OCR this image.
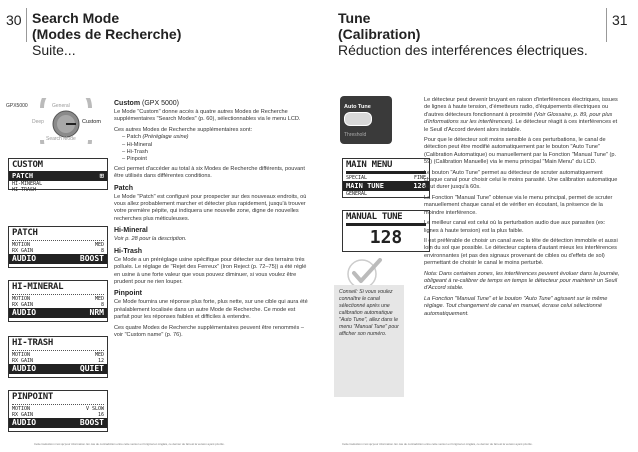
30 Search Mode
(Modes de Recherche)
Suite...
GPX5000	General
Deep	Custom
Search Mode
CUSTOM
PATCH	⊞
HI-MINERAL
HI-TRASH
PATCH
MOTION	MED
RX GAIN	8
AUDIO	BOOST
HI-MINERAL
MOTION	MED
RX GAIN	8
AUDIO	NRM
HI-TRASH
MOTION	MED
RX GAIN	12
AUDIO	QUIET
PINPOINT
MOTION	V SLOW
RX GAIN	16
AUDIO	BOOST
Custom (GPX 5000)

Le Mode "Custom" donne accès à quatre autres Modes de Recherche supplémentaires "Search Modes" (p. 60), sélectionnables via le menu LCD.

Ces autres Modes de Recherche supplémentaires sont:

– Patch (Préréglage usine)
– Hi-Mineral
– Hi-Trash
– Pinpoint

Ceci permet d'accéder au total à six Modes de Recherche différents, pouvant être utilisés dans différentes conditions.

Patch

Le Mode "Patch" est configuré pour prospecter sur des nouveaux endroits, où vous allez probablement marcher et détecter plus rapidement, jusqu'à trouver votre première pépite, qui indiquera une nouvelle zone, digne de nouvelles recherches plus méticuleuses.

Hi-Mineral

Voir p. 28 pour la description.

Hi-Trash

Ce Mode a un préréglage usine spécifique pour détecter sur des terrains très pollués. Le réglage de "Rejet des Ferreux" (Iron Reject (p. 72–75)) a été réglé en usine à une forte valeur que vous pouvez diminuer, si vous voulez être prudent pour ne rien louper.

Pinpoint

Ce Mode fournira une réponse plus forte, plus nette, sur une cible qui aura été préalablement localisée dans un autre Mode de Recherche. Ce mode est parfait pour les réponses faibles et difficiles à entendre.

Ces quatre Modes de Recherche supplémentaires peuvent être renommés – voir "Custom name" (p. 76).

Cette traduction n'est qu'pour information. En cas de contradiction entre cette version et l'original en Anglais, ce dernier de fait est la version ayant priorité.
Tune
(Calibration)
Réduction des interférences électriques.
31
Auto Tune
Threshold
MAIN MENU
SPECIAL	FINE
MAIN TUNE	128
GENERAL
MANUAL TUNE
128
Conseil: Si vous voulez connaître le canal sélectionné après une calibration automatique "Auto Tune", allez dans le menu "Manual Tune" pour afficher son numéro.

Le détecteur peut devenir bruyant en raison d'interférences électriques, issues de lignes à haute tension, d'émetteurs radio, d'équipements électriques ou d'autres détecteurs fonctionnant à proximité (Voir Glossaire, p. 89, pour plus d'informations sur les interférences). Le détecteur réagit à ces interférences et le Seuil d'Accord devient alors instable.

Pour que le détecteur soit moins sensible à ces perturbations, le canal de détection peut être modifié automatiquement par le bouton "Auto Tune" (Calibration Automatique) ou manuellement par la Fonction "Manual Tune" (p. 59) (Calibration Manuelle) via le menu principal "Main Menu" du LCD.

Le bouton "Auto Tune" permet au détecteur de scruter automatiquement chaque canal pour choisir celui le moins parasité. Une calibration automatique peut durer jusqu'à 60s.

La Fonction "Manual Tune" obtenue via le menu principal, permet de scruter manuellement chaque canal et de vérifier en écoutant, la présence de la moindre interférence.

Le meilleur canal est celui où la perturbation audio due aux parasites (ex: lignes à haute tension) est la plus faible.

Il est préférable de choisir un canal avec la tête de détection immobile et aussi loin du sol que possible. Le détecteur captera d'autant mieux les interférences environnantes (et pas des signaux provenant de cibles ou d'effets de sol) permettant de choisir le canal le moins perturbé.

Nota: Dans certaines zones, les interférences peuvent évoluer dans la journée, obligeant à re-calibrer de temps en temps le détecteur pour maintenir un Seuil d'Accord stable.

La Fonction "Manual Tune" et le bouton "Auto Tune" agissent sur le même réglage. Tout changement de canal en manuel, écrase celui sélectionné automatiquement.

Cette traduction n'est qu'pour information. En cas de contradiction entre cette version et l'original en Anglais, ce dernier de fait est la version ayant priorité.
